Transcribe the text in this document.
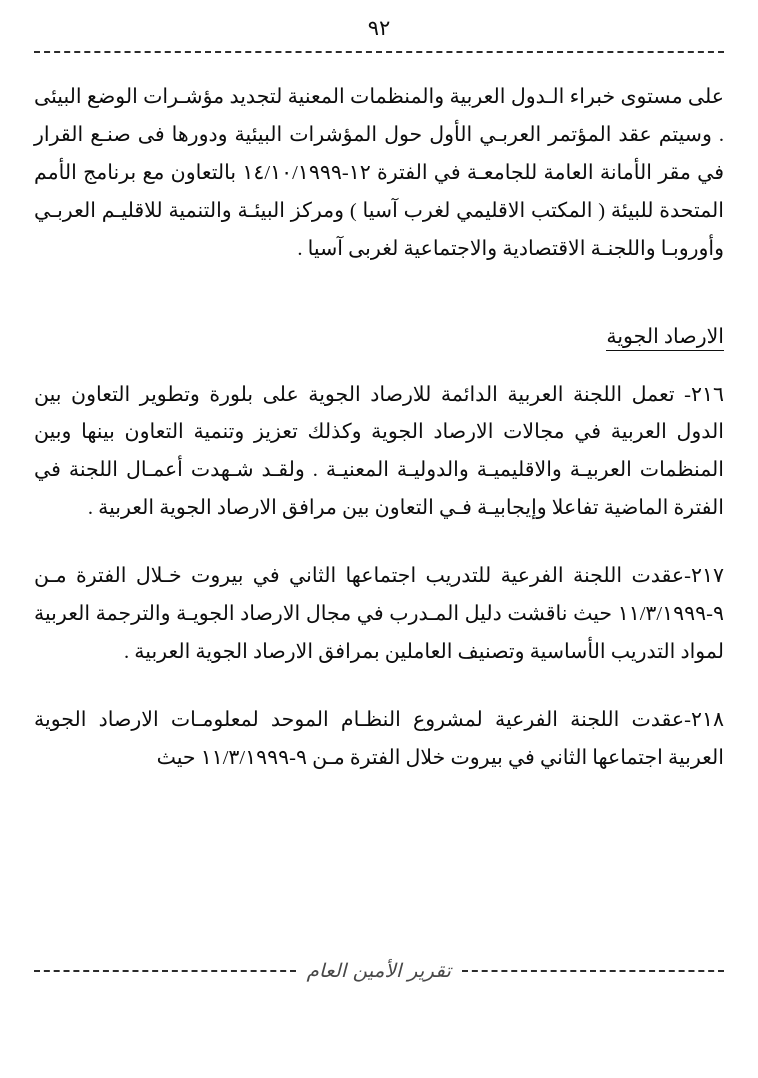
٩٢

على مستوى خبراء الـدول العربية والمنظمات المعنية لتجديد مؤشـرات الوضع البيئى . وسيتم عقد المؤتمر العربـي الأول حول المؤشرات البيئية ودورها فى صنـع القرار في مقر الأمانة العامة للجامعـة في الفترة ١٢-١٤/١٠/١٩٩٩ بالتعاون مع برنامج الأمم المتحدة للبيئة ( المكتب الاقليمي لغرب آسيا ) ومركز البيئـة والتنمية للاقليـم العربـي وأوروبـا واللجنـة الاقتصادية والاجتماعية لغربى آسيا .

الارصاد الجوية

٢١٦- تعمل اللجنة العربية الدائمة للارصاد الجوية على بلورة وتطوير التعاون بين الدول العربية في مجالات الارصاد الجوية وكذلك تعزيز وتنمية التعاون بينها وبين المنظمات العربيـة والاقليميـة والدوليـة المعنيـة . ولقـد شـهدت أعمـال اللجنة في الفترة الماضية تفاعلا وإيجابيـة فـي التعاون بين مرافق الارصاد الجوية العربية .

٢١٧-عقدت اللجنة الفرعية للتدريب اجتماعها الثاني في بيروت خـلال الفترة مـن ٩-١١/٣/١٩٩٩ حيث ناقشت دليل المـدرب في مجال الارصاد الجويـة والترجمة العربية لمواد التدريب الأساسية وتصنيف العاملين بمرافق الارصاد الجوية العربية .

٢١٨-عقدت اللجنة الفرعية لمشروع النظـام الموحد لمعلومـات الارصاد الجوية العربية اجتماعها الثاني في بيروت خلال الفترة مـن ٩-١١/٣/١٩٩٩ حيث

تقرير الأمين العام
